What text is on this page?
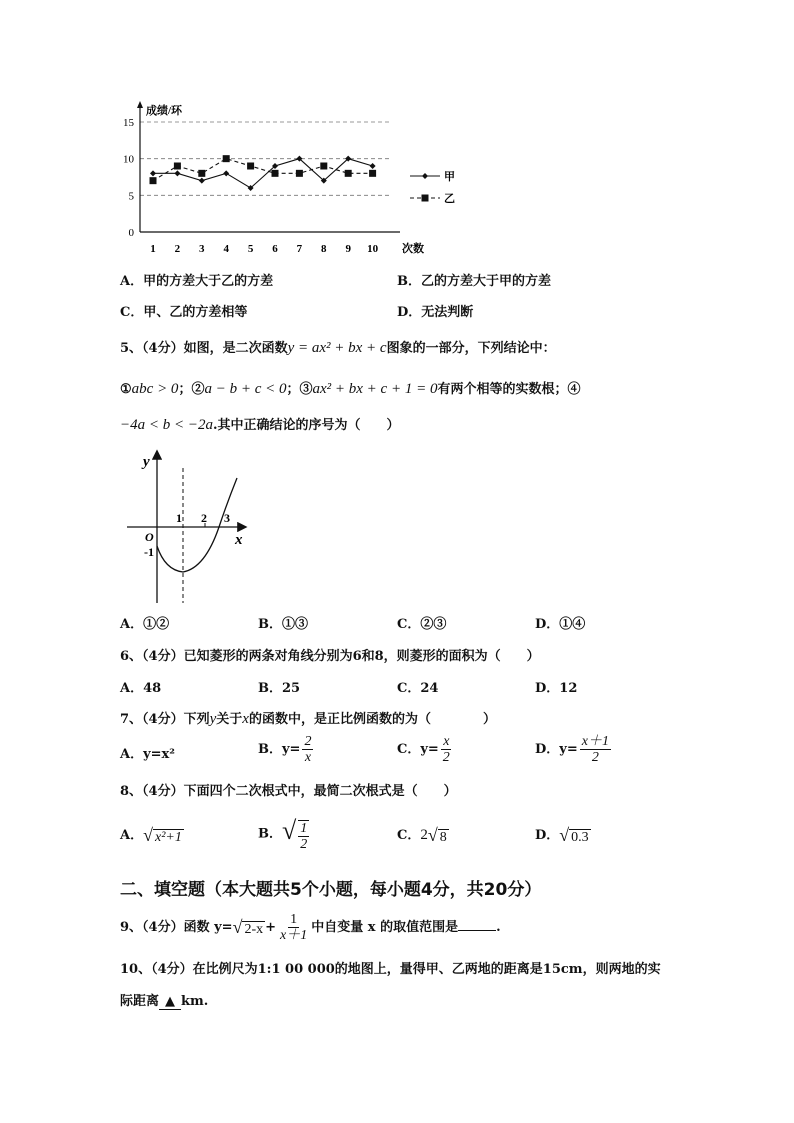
0
5
10
15
1 2 3 4 5 6 7 8 9 10
成绩/环
次数
甲
乙
A．甲的方差大于乙的方差	B．乙的方差大于甲的方差
C．甲、乙的方差相等	D．无法判断
5、（4分）如图，是二次函数y = ax² + bx + c图象的一部分，下列结论中：
①abc > 0；②a − b + c < 0；③ax² + bx + c + 1 = 0有两个相等的实数根；④
−4a < b < −2a.其中正确结论的序号为（　　）
y
x
O
-1
1 2 3
A．①②	B．①③	C．②③	D．①④
6、（4分）已知菱形的两条对角线分别为6和8，则菱形的面积为（　　）
A．48	B．25	C．24	D．12
7、（4分）下列y关于x的函数中，是正比例函数的为（　　　　）
A．y=x²	B．$y= \frac{2}{x}$	C．$y= \frac{x}{2}$	D．$y= \frac{x+1}{2}$
8、（4分）下面四个二次根式中，最简二次根式是（　　）
A．√ x²+1	B．√ $\frac{1}{2}$	C．2√ 8	D．√ 0.3
二、填空题（本大题共5个小题，每小题4分，共20分）
9、（4分）函数 y=√ $2-x + \frac{1}{x+1}$ 中自变量 x 的取值范围是	.
10、（4分）在比例尺为1:1 00 000的地图上，量得甲、乙两地的距离是15cm，则两地的实
际距离 ▲ km.
